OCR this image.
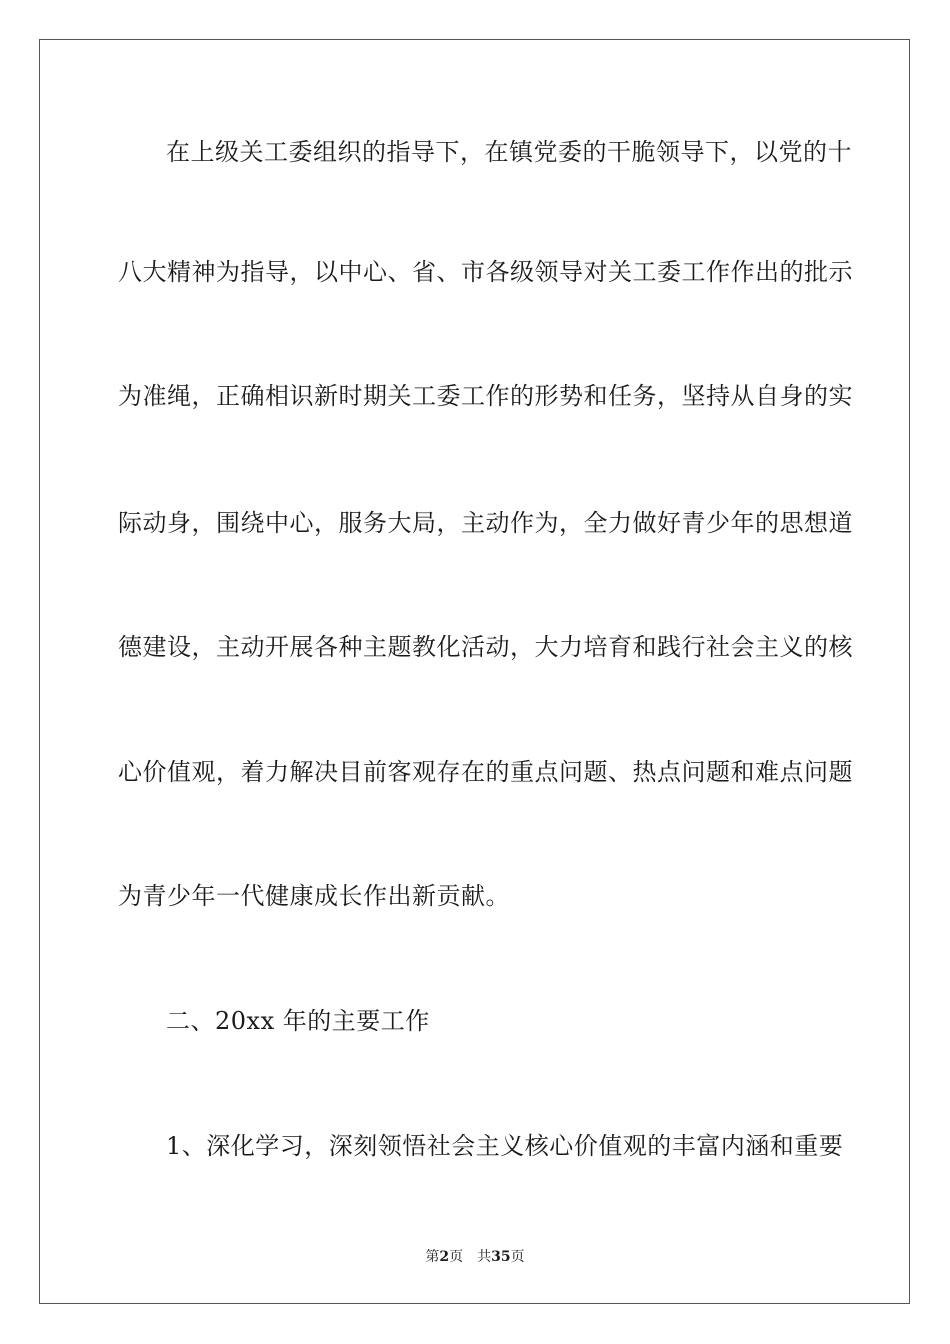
在上级关工委组织的指导下，在镇党委的干脆领导下，以党的十
八大精神为指导，以中心、省、市各级领导对关工委工作作出的批示
为准绳，正确相识新时期关工委工作的形势和任务，坚持从自身的实
际动身，围绕中心，服务大局，主动作为，全力做好青少年的思想道
德建设，主动开展各种主题教化活动，大力培育和践行社会主义的核
心价值观，着力解决目前客观存在的重点问题、热点问题和难点问题
为青少年一代健康成长作出新贡献。
二、20xx 年的主要工作
1、深化学习，深刻领悟社会主义核心价值观的丰富内涵和重要
第2页 共35页
